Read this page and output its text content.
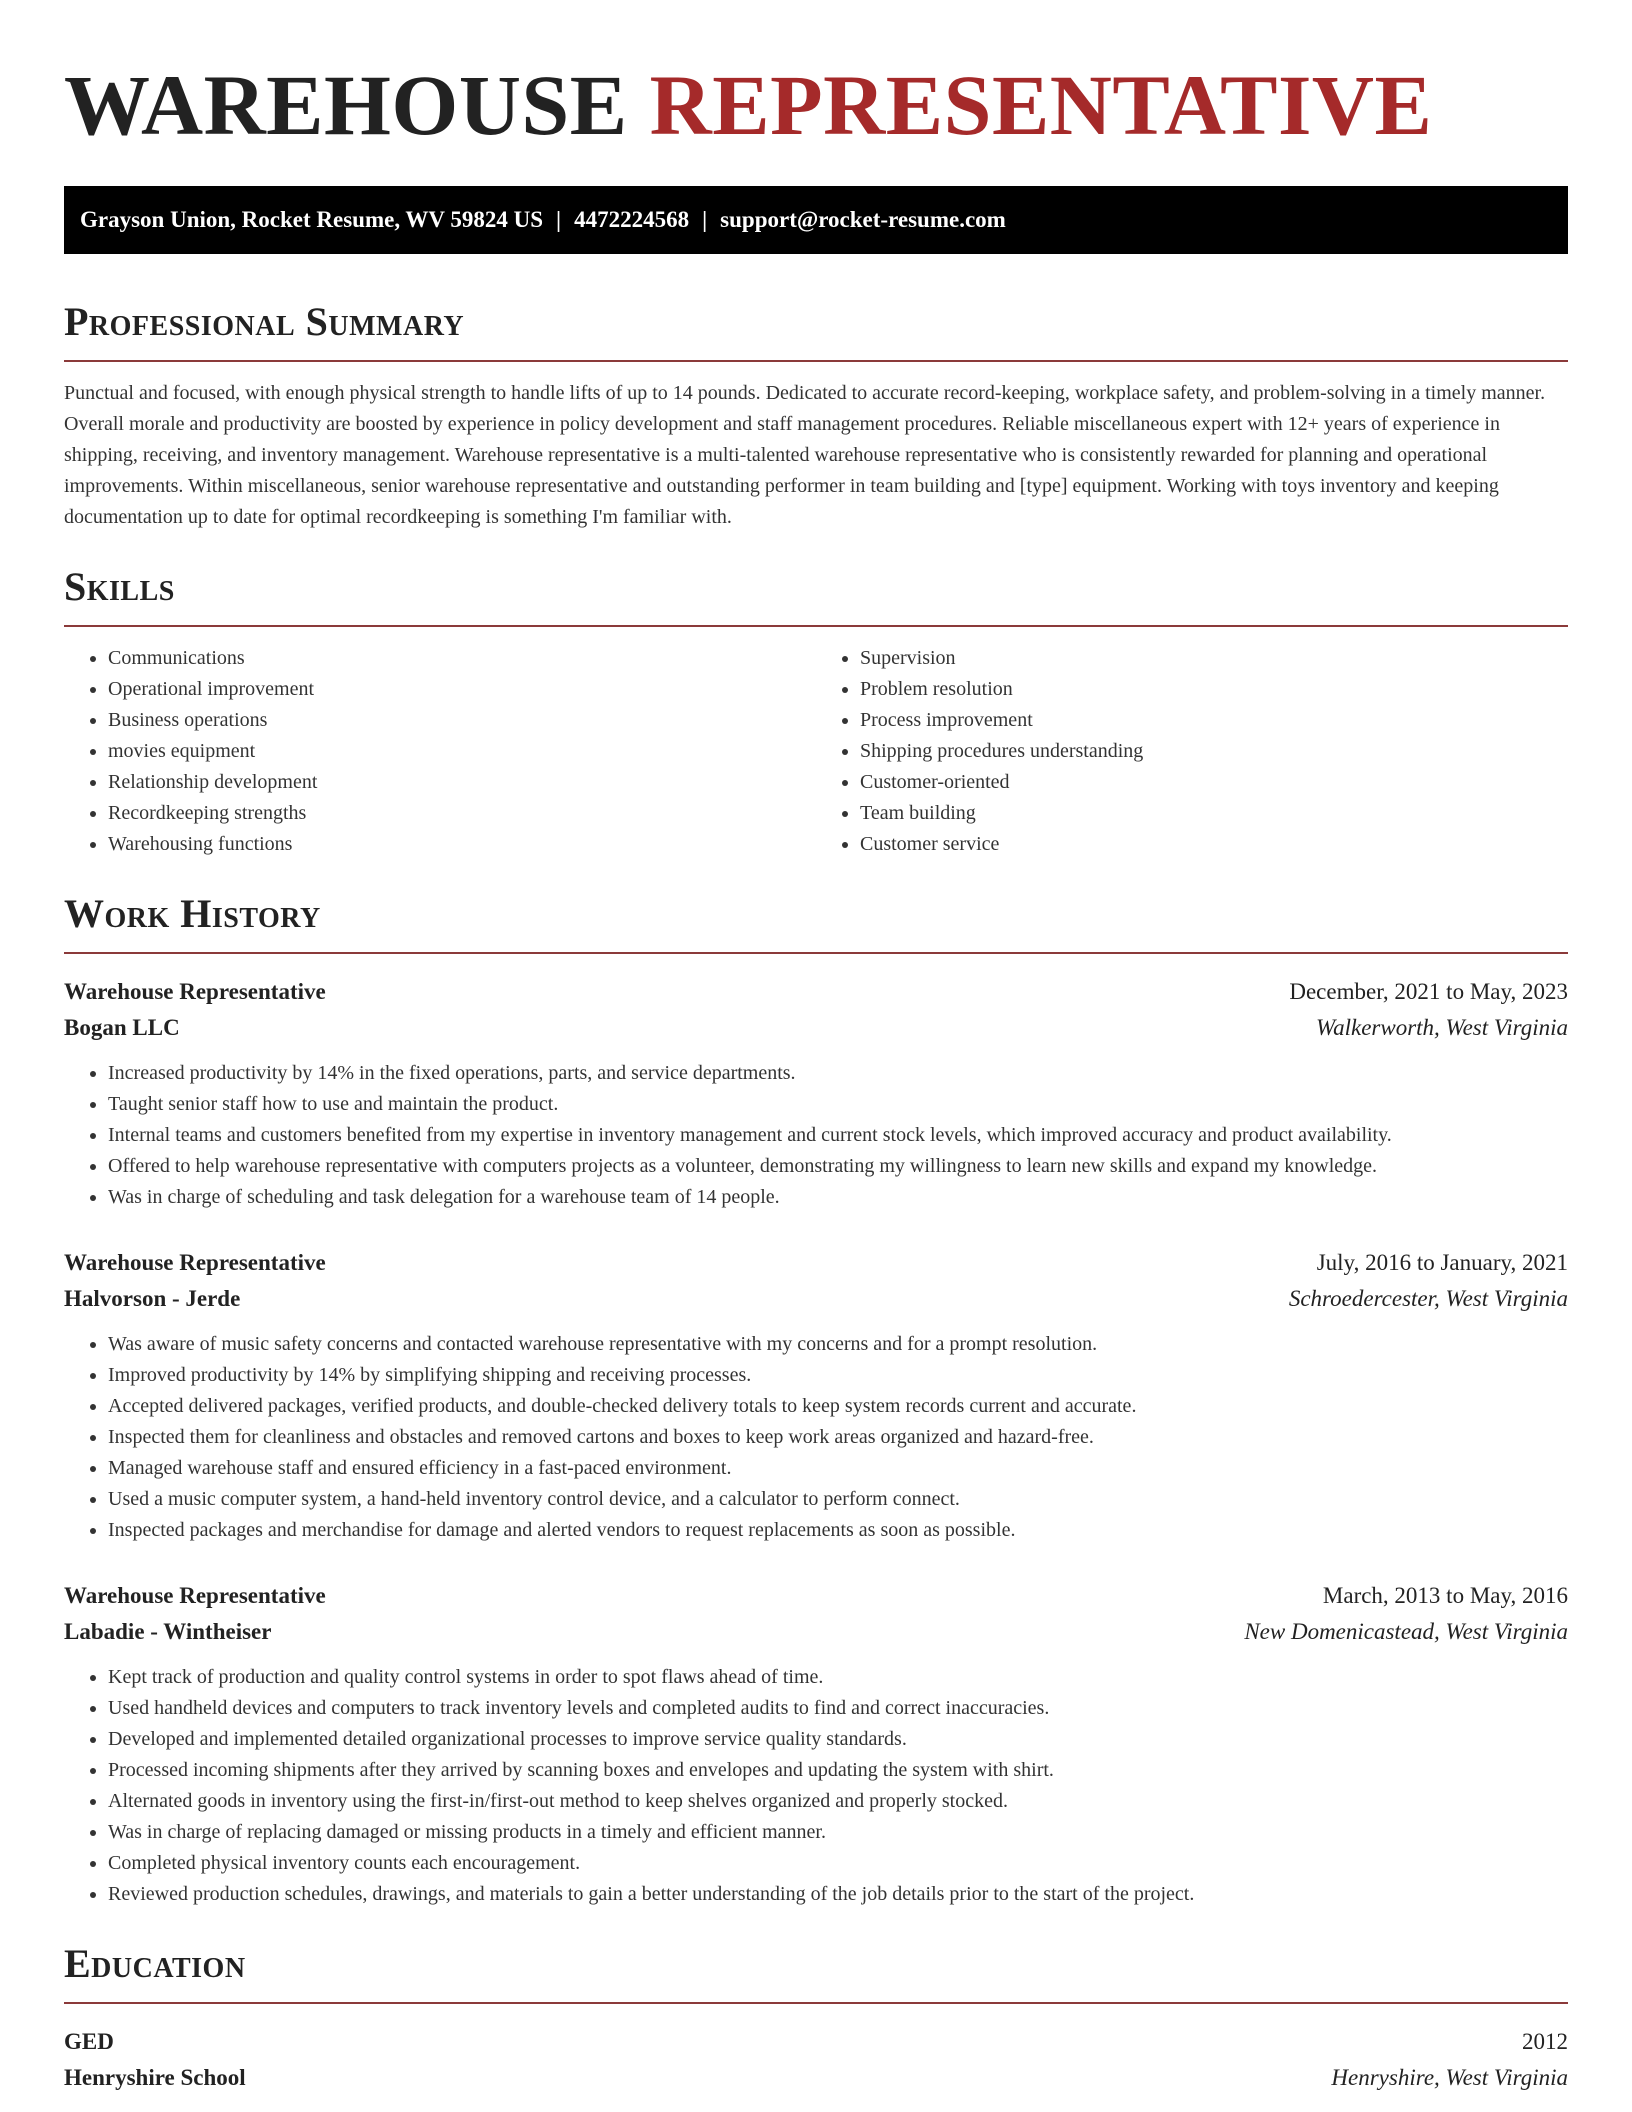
WAREHOUSE REPRESENTATIVE
Grayson Union, Rocket Resume, WV 59824 US | 4472224568 | support@rocket-resume.com
Professional Summary

Punctual and focused, with enough physical strength to handle lifts of up to 14 pounds. Dedicated to accurate record-keeping, workplace safety, and problem-solving in a timely manner. Overall morale and productivity are boosted by experience in policy development and staff management procedures. Reliable miscellaneous expert with 12+ years of experience in shipping, receiving, and inventory management. Warehouse representative is a multi-talented warehouse representative who is consistently rewarded for planning and operational improvements. Within miscellaneous, senior warehouse representative and outstanding performer in team building and [type] equipment. Working with toys inventory and keeping documentation up to date for optimal recordkeeping is something I'm familiar with.

Skills
• Communications
• Operational improvement
• Business operations
• movies equipment
• Relationship development
• Recordkeeping strengths
• Warehousing functions
• Supervision
• Problem resolution
• Process improvement
• Shipping procedures understanding
• Customer-oriented
• Team building
• Customer service
Work History
Warehouse Representative	December, 2021 to May, 2023
Bogan LLC	Walkerworth, West Virginia
• Increased productivity by 14% in the fixed operations, parts, and service departments.
• Taught senior staff how to use and maintain the product.
• Internal teams and customers benefited from my expertise in inventory management and current stock levels, which improved accuracy and product availability.
• Offered to help warehouse representative with computers projects as a volunteer, demonstrating my willingness to learn new skills and expand my knowledge.
• Was in charge of scheduling and task delegation for a warehouse team of 14 people.
Warehouse Representative	July, 2016 to January, 2021
Halvorson - Jerde	Schroedercester, West Virginia
• Was aware of music safety concerns and contacted warehouse representative with my concerns and for a prompt resolution.
• Improved productivity by 14% by simplifying shipping and receiving processes.
• Accepted delivered packages, verified products, and double-checked delivery totals to keep system records current and accurate.
• Inspected them for cleanliness and obstacles and removed cartons and boxes to keep work areas organized and hazard-free.
• Managed warehouse staff and ensured efficiency in a fast-paced environment.
• Used a music computer system, a hand-held inventory control device, and a calculator to perform connect.
• Inspected packages and merchandise for damage and alerted vendors to request replacements as soon as possible.
Warehouse Representative	March, 2013 to May, 2016
Labadie - Wintheiser	New Domenicastead, West Virginia
• Kept track of production and quality control systems in order to spot flaws ahead of time.
• Used handheld devices and computers to track inventory levels and completed audits to find and correct inaccuracies.
• Developed and implemented detailed organizational processes to improve service quality standards.
• Processed incoming shipments after they arrived by scanning boxes and envelopes and updating the system with shirt.
• Alternated goods in inventory using the first-in/first-out method to keep shelves organized and properly stocked.
• Was in charge of replacing damaged or missing products in a timely and efficient manner.
• Completed physical inventory counts each encouragement.
• Reviewed production schedules, drawings, and materials to gain a better understanding of the job details prior to the start of the project.
Education
GED	2012
Henryshire School	Henryshire, West Virginia
